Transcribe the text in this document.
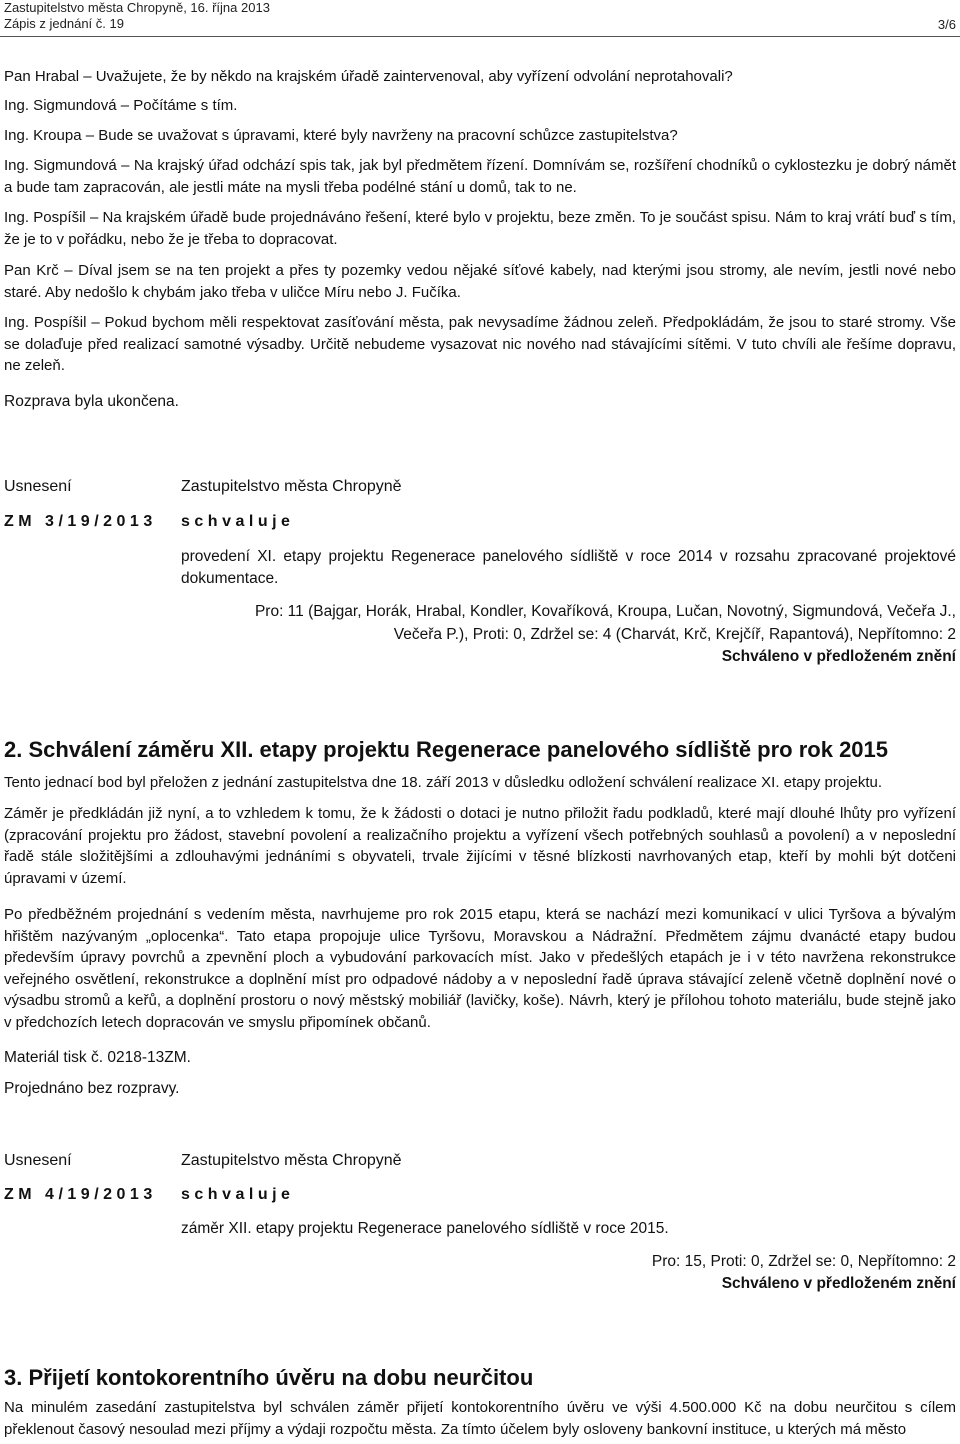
Zastupitelstvo města Chropyně, 16. října 2013
Zápis z jednání č. 19	3/6

Pan Hrabal – Uvažujete, že by někdo na krajském úřadě zaintervenoval, aby vyřízení odvolání neprotahovali?

Ing. Sigmundová – Počítáme s tím.

Ing. Kroupa – Bude se uvažovat s úpravami, které byly navrženy na pracovní schůzce zastupitelstva?

Ing. Sigmundová – Na krajský úřad odchází spis tak, jak byl předmětem řízení. Domnívám se, rozšíření chodníků o cyklostezku je dobrý námět a bude tam zapracován, ale jestli máte na mysli třeba podélné stání u domů, tak to ne.

Ing. Pospíšil – Na krajském úřadě bude projednáváno řešení, které bylo v projektu, beze změn. To je součást spisu. Nám to kraj vrátí buď s tím, že je to v pořádku, nebo že je třeba to dopracovat.

Pan Krč – Díval jsem se na ten projekt a přes ty pozemky vedou nějaké síťové kabely, nad kterými jsou stromy, ale nevím, jestli nové nebo staré. Aby nedošlo k chybám jako třeba v uličce Míru nebo J. Fučíka.

Ing. Pospíšil – Pokud bychom měli respektovat zasíťování města, pak nevysadíme žádnou zeleň. Předpokládám, že jsou to staré stromy. Vše se dolaďuje před realizací samotné výsadby. Určitě nebudeme vysazovat nic nového nad stávajícími sítěmi. V tuto chvíli ale řešíme dopravu, ne zeleň.

Rozprava byla ukončena.

Usnesení	Zastupitelstvo města Chropyně
ZM 3/19/2013 schvaluje

provedení XI. etapy projektu Regenerace panelového sídliště v roce 2014 v rozsahu zpracované projektové dokumentace.

Pro: 11 (Bajgar, Horák, Hrabal, Kondler, Kovaříková, Kroupa, Lučan, Novotný, Sigmundová, Večeřa J.,
Večeřa P.), Proti: 0, Zdržel se: 4 (Charvát, Krč, Krejčíř, Rapantová), Nepřítomno: 2
Schváleno v předloženém znění
2. Schválení záměru XII. etapy projektu Regenerace panelového sídliště pro rok 2015

Tento jednací bod byl přeložen z jednání zastupitelstva dne 18. září 2013 v důsledku odložení schválení realizace XI. etapy projektu.

Záměr je předkládán již nyní, a to vzhledem k tomu, že k žádosti o dotaci je nutno přiložit řadu podkladů, které mají dlouhé lhůty pro vyřízení (zpracování projektu pro žádost, stavební povolení a realizačního projektu a vyřízení všech potřebných souhlasů a povolení) a v neposlední řadě stále složitějšími a zdlouhavými jednáními s obyvateli, trvale žijícími v těsné blízkosti navrhovaných etap, kteří by mohli být dotčeni úpravami v území.

Po předběžném projednání s vedením města, navrhujeme pro rok 2015 etapu, která se nachází mezi komunikací v ulici Tyršova a bývalým hřištěm nazývaným „oplocenka“. Tato etapa propojuje ulice Tyršovu, Moravskou a Nádražní. Předmětem zájmu dvanácté etapy budou především úpravy povrchů a zpevnění ploch a vybudování parkovacích míst. Jako v předešlých etapách je i v této navržena rekonstrukce veřejného osvětlení, rekonstrukce a doplnění míst pro odpadové nádoby a v neposlední řadě úprava stávající zeleně včetně doplnění nové o výsadbu stromů a keřů, a doplnění prostoru o nový městský mobiliář (lavičky, koše). Návrh, který je přílohou tohoto materiálu, bude stejně jako v předchozích letech dopracován ve smyslu připomínek občanů.

Materiál tisk č. 0218-13ZM.

Projednáno bez rozpravy.

Usnesení	Zastupitelstvo města Chropyně
ZM 4/19/2013 schvaluje

záměr XII. etapy projektu Regenerace panelového sídliště v roce 2015.

Pro: 15, Proti: 0, Zdržel se: 0, Nepřítomno: 2
Schváleno v předloženém znění
3. Přijetí kontokorentního úvěru na dobu neurčitou

Na minulém zasedání zastupitelstva byl schválen záměr přijetí kontokorentního úvěru ve výši 4.500.000 Kč na dobu neurčitou s cílem překlenout časový nesoulad mezi příjmy a výdaji rozpočtu města. Za tímto účelem byly osloveny bankovní instituce, u kterých má město
